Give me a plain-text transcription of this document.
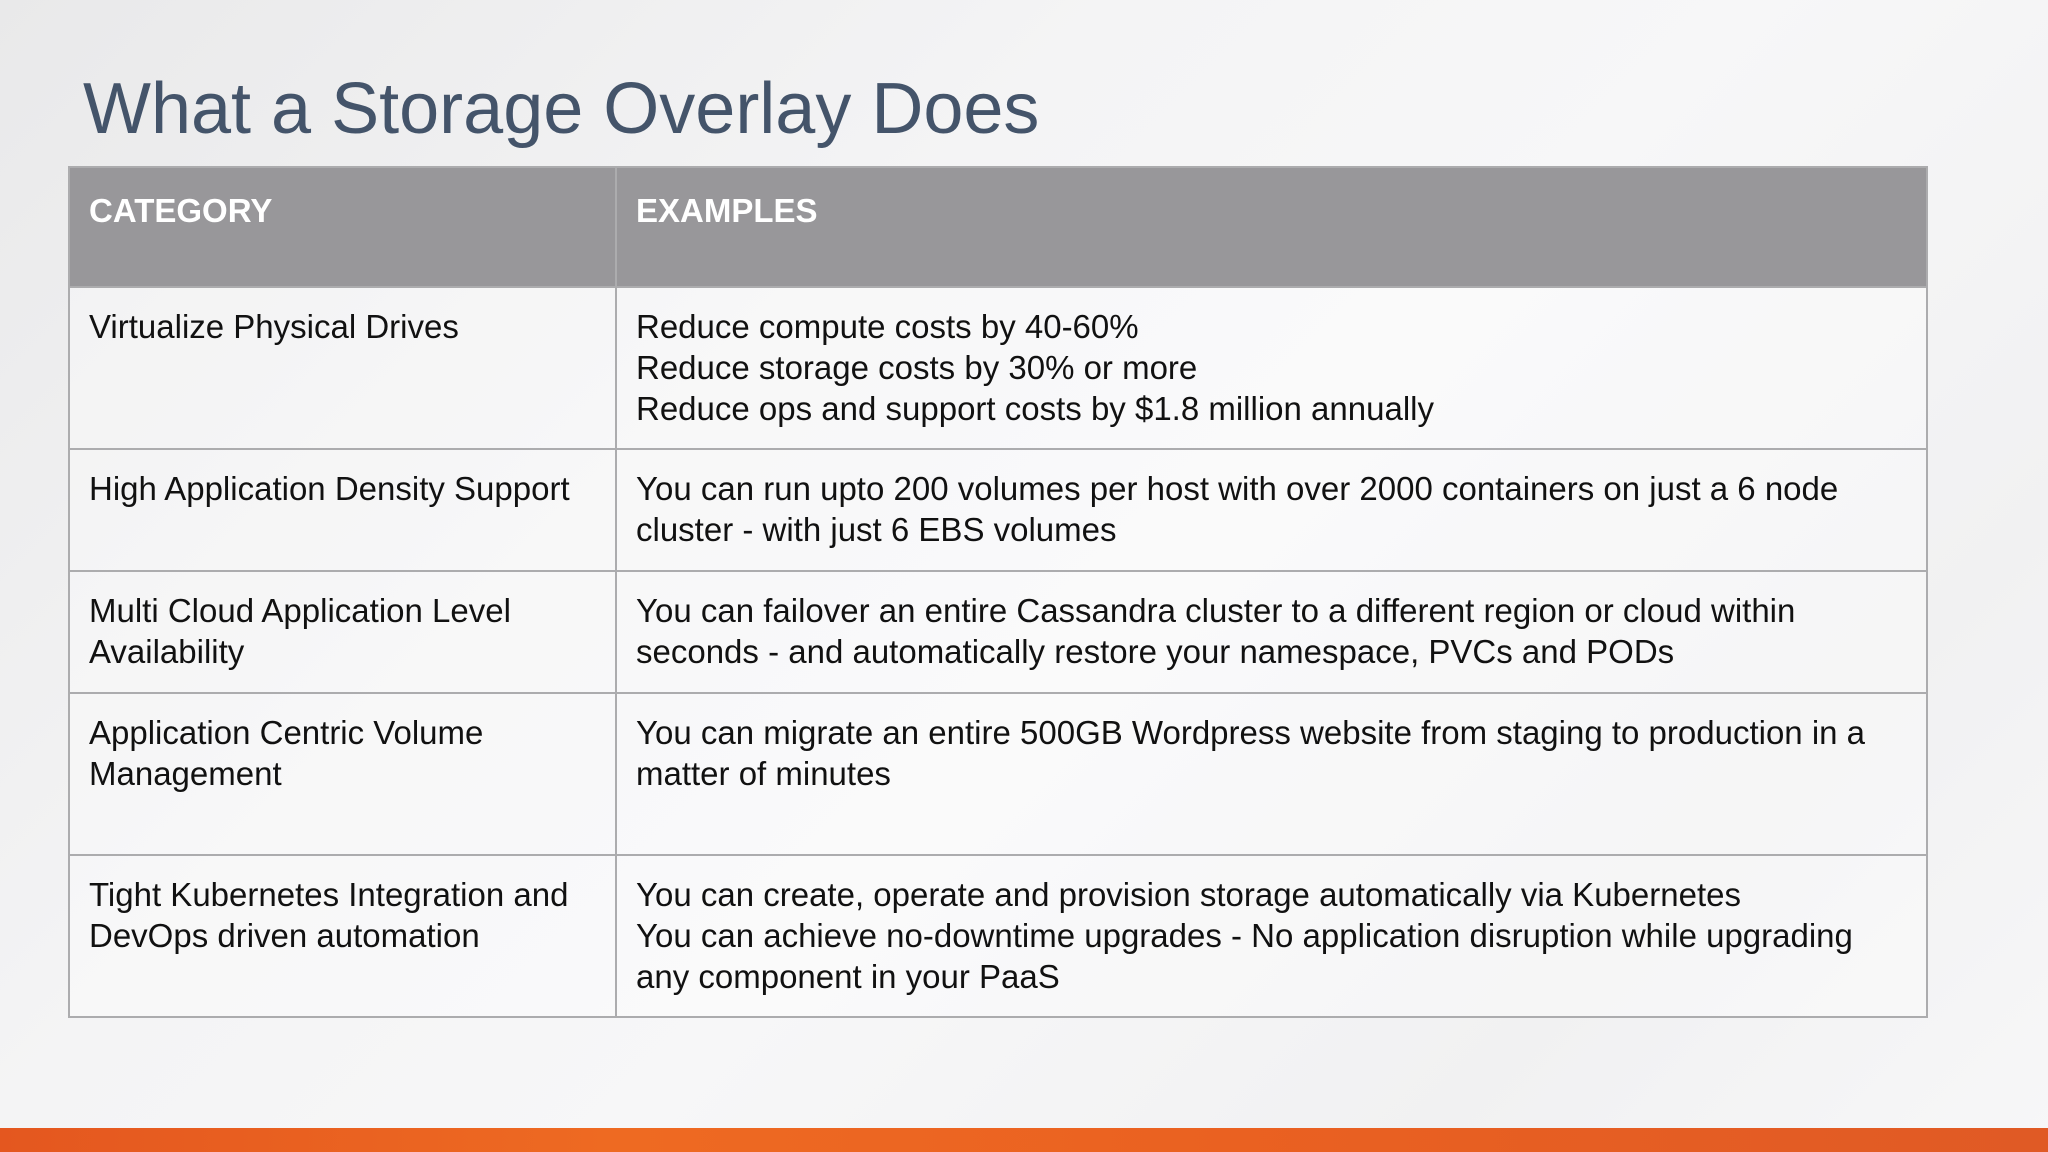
What a Storage Overlay Does
CATEGORY	EXAMPLES

Virtualize Physical Drives	Reduce compute costs by 40-60%
Reduce storage costs by 30% or more
Reduce ops and support costs by $1.8 million annually

High Application Density Support	You can run upto 200 volumes per host with over 2000 containers on just a 6 node cluster - with just 6 EBS volumes

Multi Cloud Application Level Availability	You can failover an entire Cassandra cluster to a different region or cloud within seconds - and automatically restore your namespace, PVCs and PODs

Application Centric Volume Management	You can migrate an entire 500GB Wordpress website from staging to production in a matter of minutes

Tight Kubernetes Integration and DevOps driven automation	You can create, operate and provision storage automatically via Kubernetes
You can achieve no-downtime upgrades - No application disruption while upgrading any component in your PaaS
